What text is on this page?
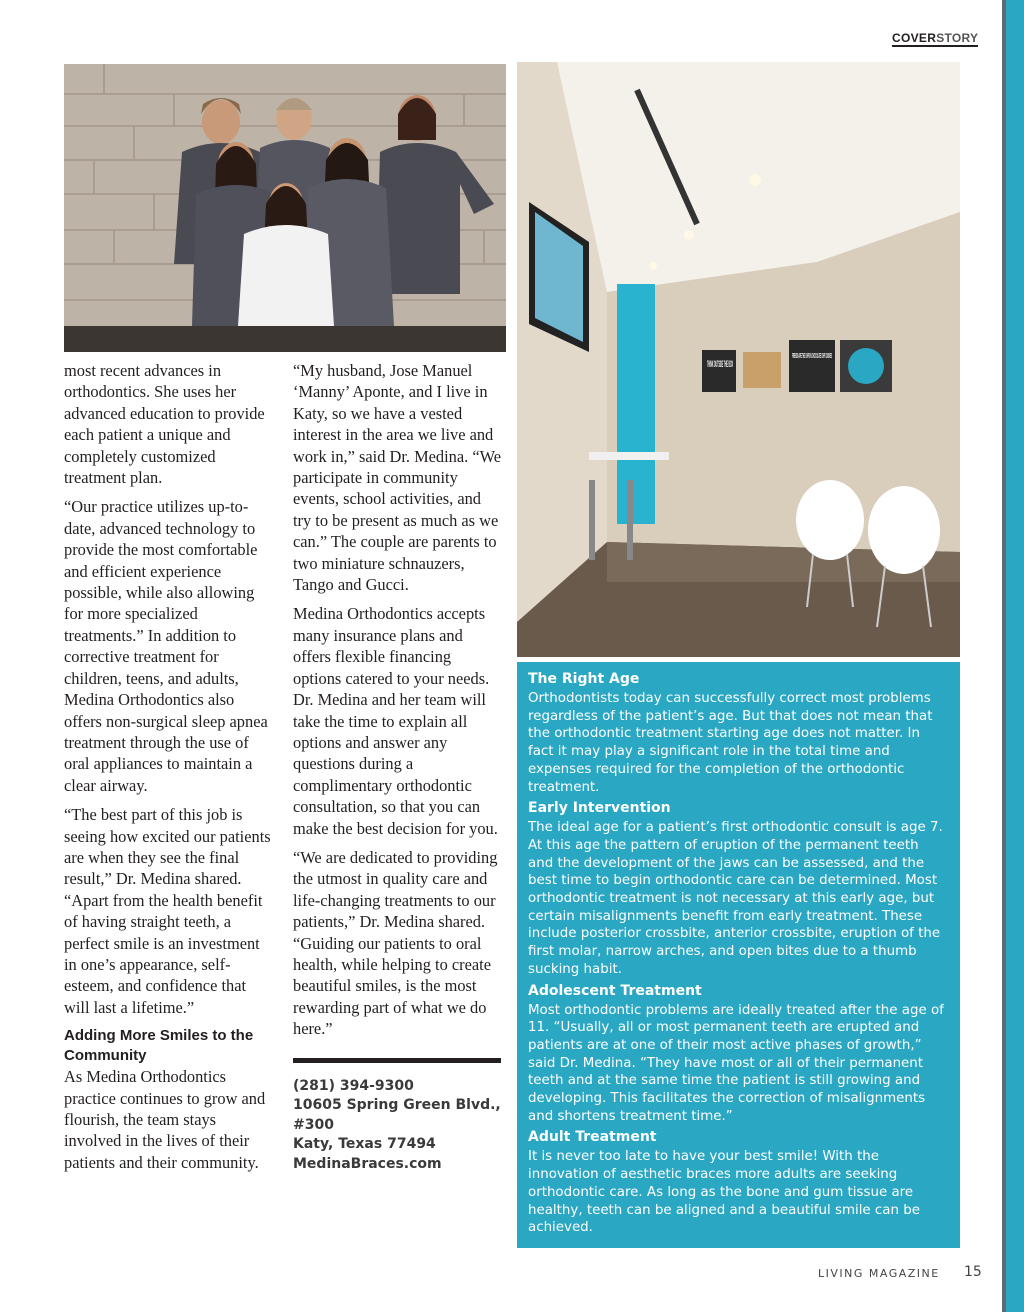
COVERSTORY
THINK OUTSIDE THE BOX
FRIENDS ARE THE CHIPS IN CHOCOLATE CHIP COOKIES

most recent advances in orthodontics. She uses her advanced education to provide each patient a unique and completely customized treatment plan.

“Our practice utilizes up-to-date, advanced technology to provide the most comfortable and efficient experience possible, while also allowing for more specialized treatments.” In addition to corrective treatment for children, teens, and adults, Medina Orthodontics also offers non-surgical sleep apnea treatment through the use of oral appliances to maintain a clear airway.

“The best part of this job is seeing how excited our patients are when they see the final result,” Dr. Medina shared. “Apart from the health benefit of having straight teeth, a perfect smile is an investment in one’s appearance, self-esteem, and confidence that will last a lifetime.”

Adding More Smiles to the Community

As Medina Orthodontics practice continues to grow and flourish, the team stays involved in the lives of their patients and their community.

“My husband, Jose Manuel ‘Manny’ Aponte, and I live in Katy, so we have a vested interest in the area we live and work in,” said Dr. Medina. “We participate in community events, school activities, and try to be present as much as we can.” The couple are parents to two miniature schnauzers, Tango and Gucci.

Medina Orthodontics accepts many insurance plans and offers flexible financing options catered to your needs. Dr. Medina and her team will take the time to explain all options and answer any questions during a complimentary orthodontic consultation, so that you can make the best decision for you.

“We are dedicated to providing the utmost in quality care and life-changing treatments to our patients,” Dr. Medina shared. “Guiding our patients to oral health, while helping to create beautiful smiles, is the most rewarding part of what we do here.”

(281) 394-9300
10605 Spring Green Blvd.,
#300
Katy, Texas 77494
MedinaBraces.com
The Right Age
Orthodontists today can successfully correct most problems regardless of the patient’s age. But that does not mean that the orthodontic treatment starting age does not matter. In fact it may play a significant role in the total time and expenses required for the completion of the orthodontic treatment.
Early Intervention
The ideal age for a patient’s first orthodontic consult is age 7. At this age the pattern of eruption of the permanent teeth and the development of the jaws can be assessed, and the best time to begin orthodontic care can be determined. Most orthodontic treatment is not necessary at this early age, but certain misalignments benefit from early treatment. These include posterior crossbite, anterior crossbite, eruption of the first molar, narrow arches, and open bites due to a thumb sucking habit.
Adolescent Treatment
Most orthodontic problems are ideally treated after the age of 11. “Usually, all or most permanent teeth are erupted and patients are at one of their most active phases of growth,” said Dr. Medina. “They have most or all of their permanent teeth and at the same time the patient is still growing and developing. This facilitates the correction of misalignments and shortens treatment time.”
Adult Treatment
It is never too late to have your best smile! With the innovation of aesthetic braces more adults are seeking orthodontic care. As long as the bone and gum tissue are healthy, teeth can be aligned and a beautiful smile can be achieved.
LIVING MAGAZINE 15
